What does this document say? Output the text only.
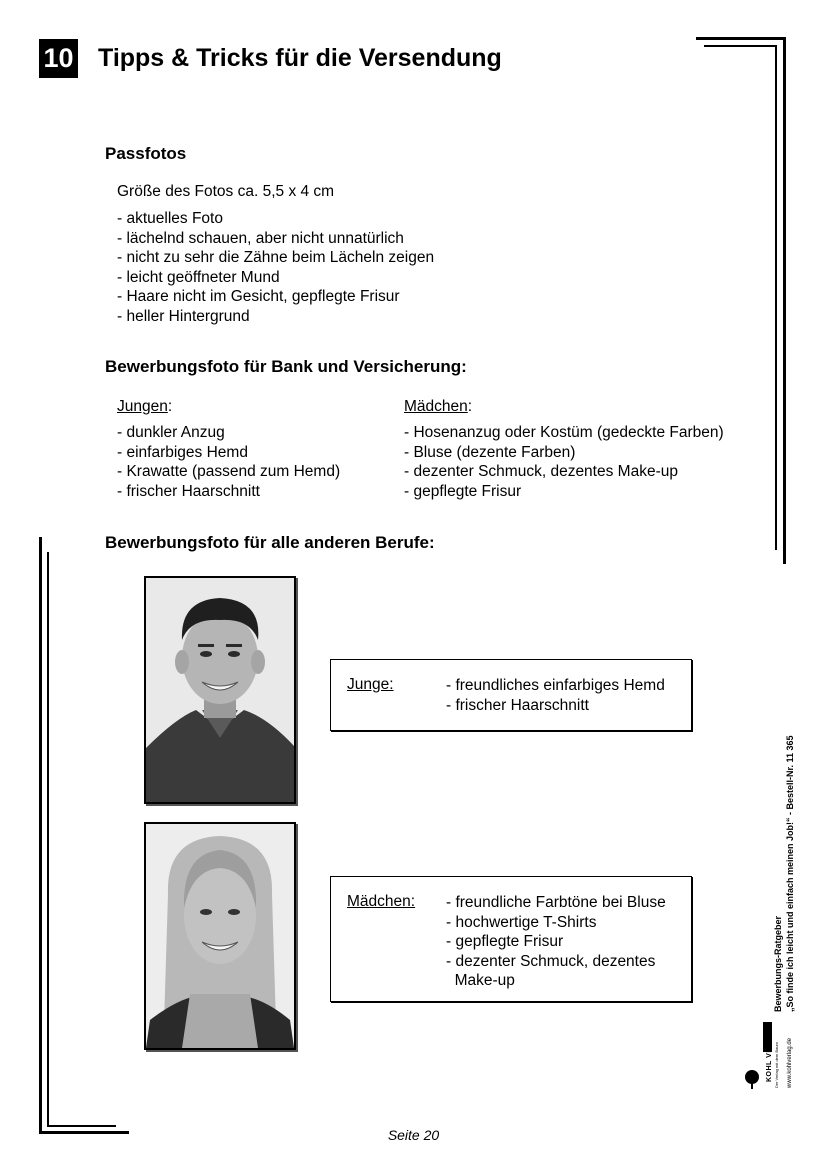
10 Tipps & Tricks für die Versendung
Passfotos
Größe des Fotos ca. 5,5 x 4 cm
- aktuelles Foto
- lächelnd schauen, aber nicht unnatürlich
- nicht zu sehr die Zähne beim Lächeln zeigen
- leicht geöffneter Mund
- Haare nicht im Gesicht, gepflegte Frisur
- heller Hintergrund
Bewerbungsfoto für Bank und Versicherung:
Jungen:
- dunkler Anzug
- einfarbiges Hemd
- Krawatte (passend zum Hemd)
- frischer Haarschnitt
Mädchen:
- Hosenanzug oder Kostüm (gedeckte Farben)
- Bluse (dezente Farben)
- dezenter Schmuck, dezentes Make-up
- gepflegte Frisur
Bewerbungsfoto für alle anderen Berufe:
Junge:	- freundliches einfarbiges Hemd
- frischer Haarschnitt
Mädchen: - freundliche Farbtöne bei Bluse
- hochwertige T-Shirts
- gepflegte Frisur
- dezenter Schmuck, dezentes
Make-up	Bewerbungs-Ratgeber „So finde ich leicht und einfach meinen Job!“ - Bestell-Nr. 11 365
KOHL VERLAG Der Verlag mit dem Baum www.kohlverlag.de
Seite 20
